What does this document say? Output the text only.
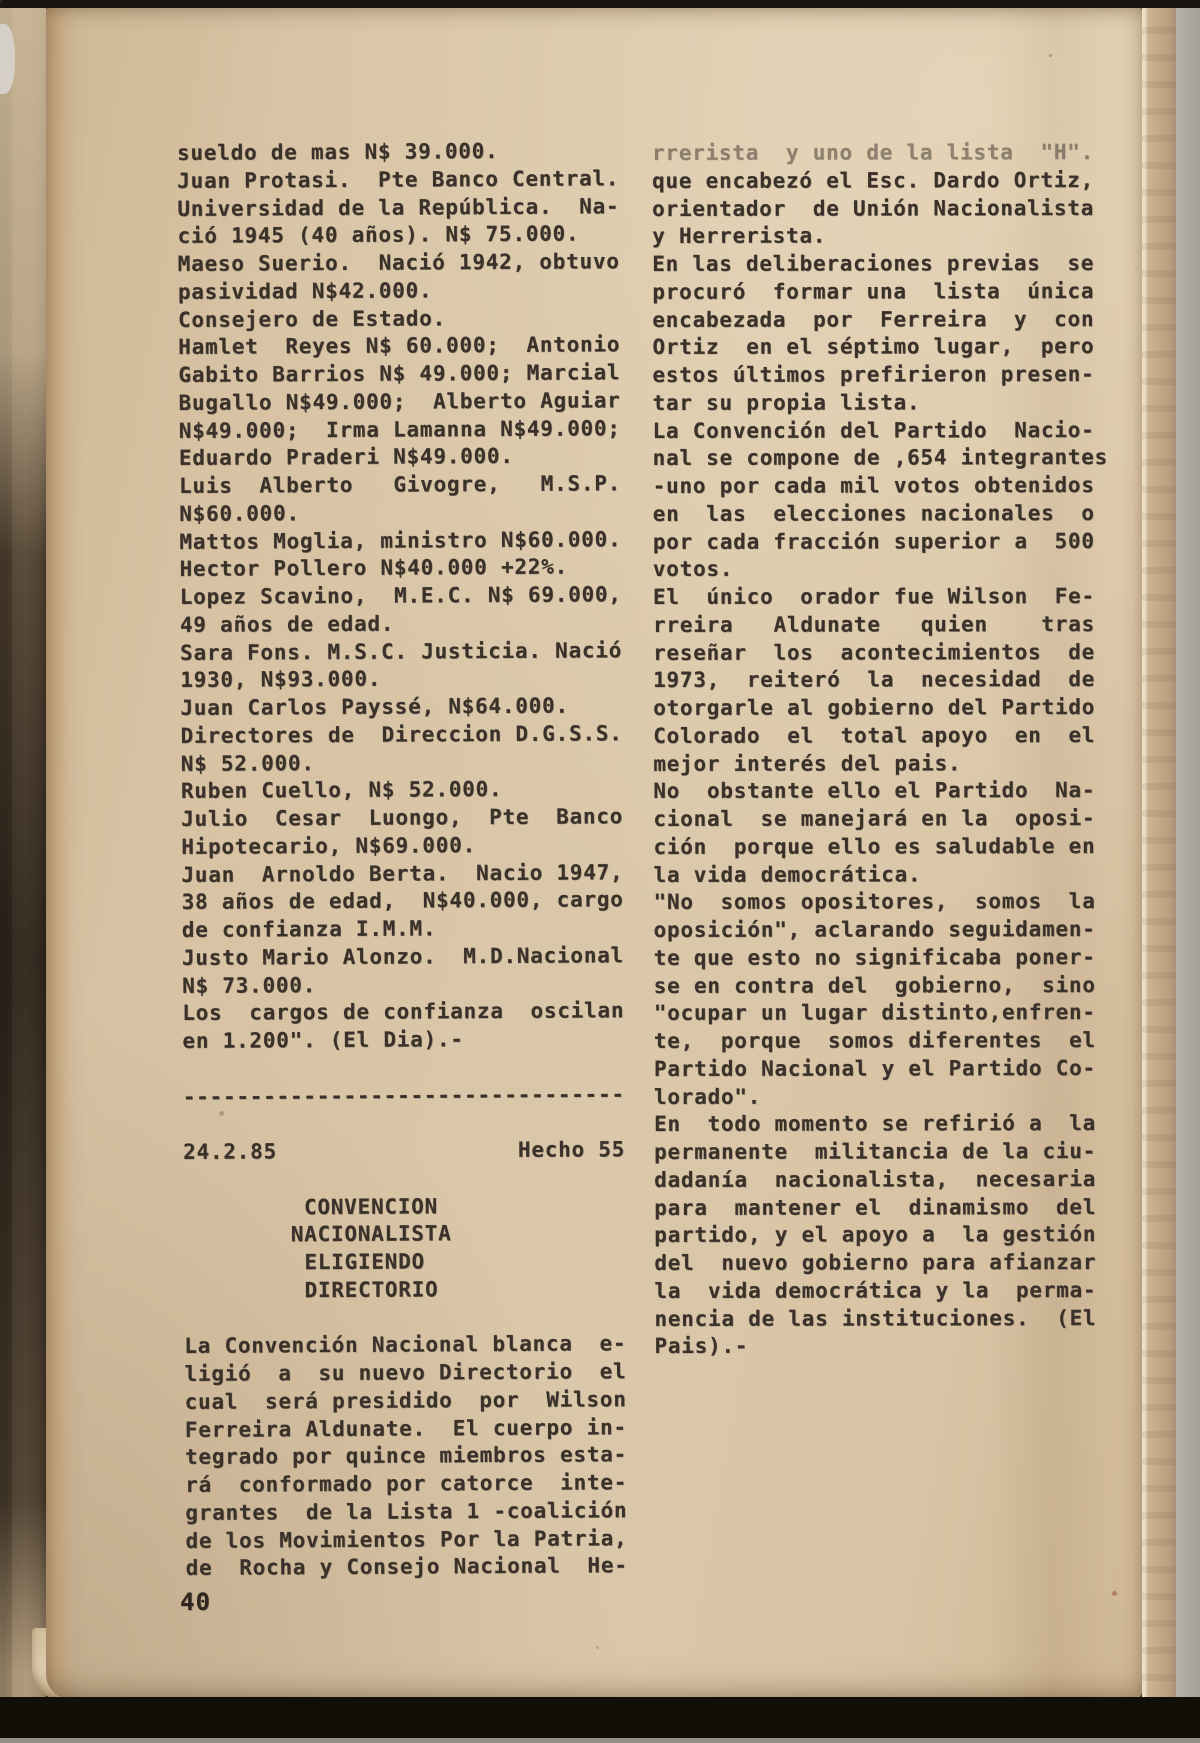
sueldo de mas N$ 39.000.
Juan Protasi.  Pte Banco Central.
Universidad de la República.  Na-
ció 1945 (40 años). N$ 75.000.
Maeso Suerio.  Nació 1942, obtuvo
pasividad N$42.000.
Consejero de Estado.
Hamlet  Reyes N$ 60.000;  Antonio
Gabito Barrios N$ 49.000; Marcial
Bugallo N$49.000;  Alberto Aguiar
N$49.000;  Irma Lamanna N$49.000;
Eduardo Praderi N$49.000.
Luis  Alberto   Givogre,   M.S.P.
N$60.000.
Mattos Moglia, ministro N$60.000.
Hector Pollero N$40.000 +22%.
Lopez Scavino,  M.E.C. N$ 69.000,
49 años de edad.
Sara Fons. M.S.C. Justicia. Nació
1930, N$93.000.
Juan Carlos Payssé, N$64.000.
Directores de  Direccion D.G.S.S.
N$ 52.000.
Ruben Cuello, N$ 52.000.
Julio  Cesar  Luongo,  Pte  Banco
Hipotecario, N$69.000.
Juan  Arnoldo Berta.  Nacio 1947,
38 años de edad,  N$40.000, cargo
de confianza I.M.M.
Justo Mario Alonzo.  M.D.Nacional
N$ 73.000.
Los  cargos de confianza  oscilan
en 1.200". (El Dia).-
---------------------------------
24.2.85                  Hecho 55
CONVENCION
NACIONALISTA
ELIGIENDO
DIRECTORIO
La Convención Nacional blanca  e-
ligió  a  su nuevo Directorio  el
cual  será presidido  por  Wilson
Ferreira Aldunate.  El cuerpo in-
tegrado por quince miembros esta-
rá  conformado por catorce  inte-
grantes  de la Lista 1 -coalición
de los Movimientos Por la Patria,
de  Rocha y Consejo Nacional  He-
rrerista  y uno de la lista  "H".
que encabezó el Esc. Dardo Ortiz,
orientador  de Unión Nacionalista
y Herrerista.
En las deliberaciones previas  se
procuró  formar una  lista  única
encabezada  por  Ferreira  y  con
Ortiz  en el séptimo lugar,  pero
estos últimos prefirieron presen-
tar su propia lista.
La Convención del Partido  Nacio-
nal se compone de ,654 integrantes
-uno por cada mil votos obtenidos
en  las  elecciones nacionales  o
por cada fracción superior a  500
votos.
El  único  orador fue Wilson  Fe-
rreira   Aldunate   quien    tras
reseñar  los  acontecimientos  de
1973,  reiteró  la  necesidad  de
otorgarle al gobierno del Partido
Colorado  el  total apoyo  en  el
mejor interés del pais.
No  obstante ello el Partido  Na-
cional  se manejará en la  oposi-
ción  porque ello es saludable en
la vida democrática.
"No  somos opositores,  somos  la
oposición", aclarando seguidamen-
te que esto no significaba poner-
se en contra del  gobierno,  sino
"ocupar un lugar distinto,enfren-
te,  porque  somos diferentes  el
Partido Nacional y el Partido Co-
lorado".
En  todo momento se refirió a  la
permanente  militancia de la ciu-
dadanía  nacionalista,  necesaria
para  mantener el  dinamismo  del
partido, y el apoyo a  la gestión
del  nuevo gobierno para afianzar
la  vida democrática y la  perma-
nencia de las instituciones.  (El
Pais).-
40
